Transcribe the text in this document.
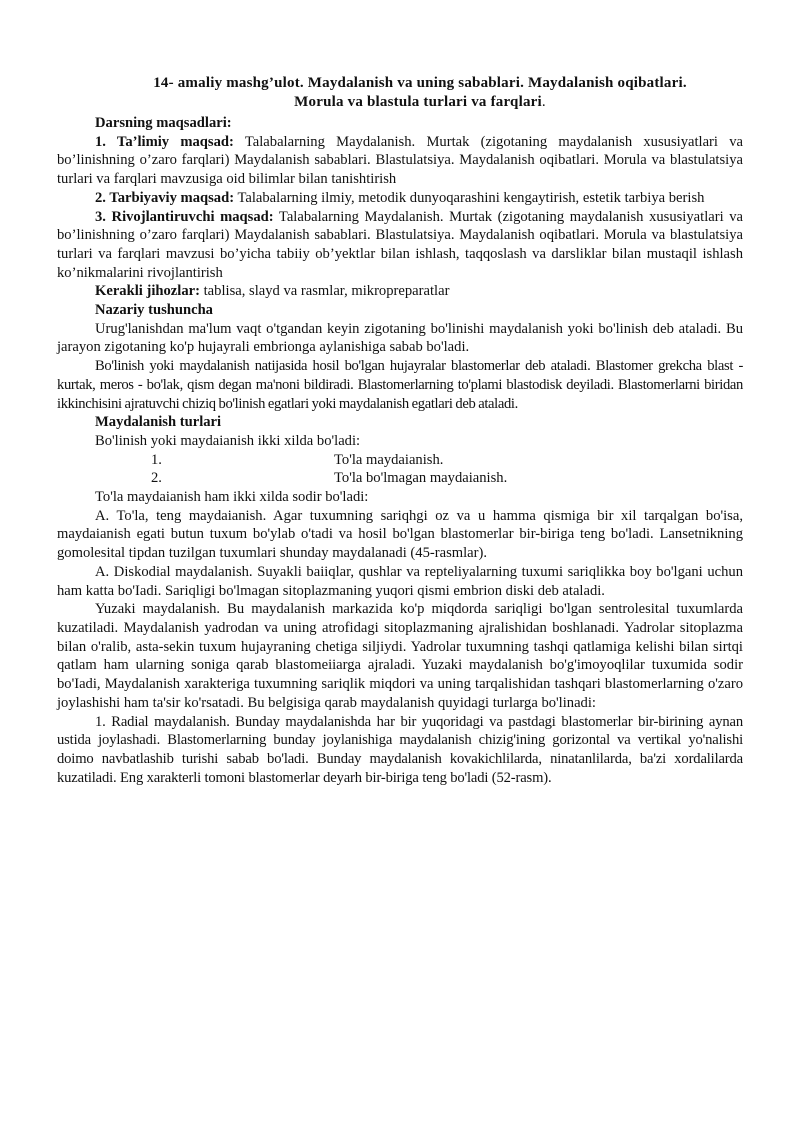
14- amaliy mashg’ulot. Maydalanish va uning sabablari. Maydalanish oqibatlari.
Morula va blastula turlari va farqlari.
Darsning maqsadlari:

1. Ta’limiy maqsad: Talabalarning Maydalanish. Murtak (zigotaning maydalanish xususiyatlari va bo’linishning o’zaro farqlari) Maydalanish sabablari. Blastulatsiya. Maydalanish oqibatlari. Morula va blastulatsiya turlari va farqlari mavzusiga oid bilimlar bilan tanishtirish

2. Tarbiyaviy maqsad: Talabalarning ilmiy, metodik dunyoqarashini kengaytirish, estetik tarbiya berish

3. Rivojlantiruvchi maqsad: Talabalarning Maydalanish. Murtak (zigotaning maydalanish xususiyatlari va bo’linishning o’zaro farqlari) Maydalanish sabablari. Blastulatsiya. Maydalanish oqibatlari. Morula va blastulatsiya turlari va farqlari mavzusi bo’yicha tabiiy ob’yektlar bilan ishlash, taqqoslash va darsliklar bilan mustaqil ishlash ko’nikmalarini rivojlantirish

Kerakli jihozlar: tablisa, slayd va rasmlar, mikropreparatlar

Nazariy tushuncha

Urug'lanishdan ma'lum vaqt o'tgandan keyin zigotaning bo'linishi maydalanish yoki bo'linish deb ataladi. Bu jarayon zigotaning ko'p hujayrali embrionga aylanishiga sabab bo'ladi.

Bo'linish yoki maydalanish natijasida hosil bo'lgan hujayralar blastomerlar deb ataladi. Blastomer grekcha blast - kurtak, meros - bo'lak, qism degan ma'noni bildiradi. Blastomerlarning to'plami blastodisk deyiladi. Blastomerlarni biridan ikkinchisini ajratuvchi chiziq bo'linish egatlari yoki maydalanish egatlari deb ataladi.

Maydalanish turlari

Bo'linish yoki maydaianish ikki xilda bo'ladi:

1.	To'la maydaianish.
2.	To'la bo'lmagan maydaianish.

To'la maydaianish ham ikki xilda sodir bo'ladi:

A. To'la, teng maydaianish. Agar tuxumning sariqhgi oz va u hamma qismiga bir xil tarqalgan bo'isa, maydaianish egati butun tuxum bo'ylab o'tadi va hosil bo'lgan blastomerlar bir-biriga teng bo'ladi. Lansetnikning gomolesital tipdan tuzilgan tuxumlari shunday maydalanadi (45-rasmlar).

A. Diskodial maydalanish. Suyakli baiiqlar, qushlar va repteliyalarning tuxumi sariqlikka boy bo'lgani uchun ham katta bo'Iadi. Sariqligi bo'lmagan sitoplazmaning yuqori qismi embrion diski deb ataladi.

Yuzaki maydalanish. Bu maydalanish markazida ko'p miqdorda sariqligi bo'lgan sentrolesital tuxumlarda kuzatiladi. Maydalanish yadrodan va uning atrofidagi sitoplazmaning ajralishidan boshlanadi. Yadrolar sitoplazma bilan o'ralib, asta-sekin tuxum hujayraning chetiga siljiydi. Yadrolar tuxumning tashqi qatlamiga kelishi bilan sirtqi qatlam ham ularning soniga qarab blastomeiiarga ajraladi. Yuzaki maydalanish bo'g'imoyoqlilar tuxumida sodir bo'Iadi, Maydalanish xarakteriga tuxumning sariqlik miqdori va uning tarqalishidan tashqari blastomerlarning o'zaro joylashishi ham ta'sir ko'rsatadi. Bu belgisiga qarab maydalanish quyidagi turlarga bo'linadi:

1. Radial maydalanish. Bunday maydalanishda har bir yuqoridagi va pastdagi blastomerlar bir-birining aynan ustida joylashadi. Blastomerlarning bunday joylanishiga maydalanish chizig'ining gorizontal va vertikal yo'nalishi doimo navbatlashib turishi sabab bo'ladi. Bunday maydalanish kovakichlilarda, ninatanlilarda, ba'zi xordalilarda kuzatiladi. Eng xarakterli tomoni blastomerlar deyarh bir-biriga teng bo'ladi (52-rasm).
